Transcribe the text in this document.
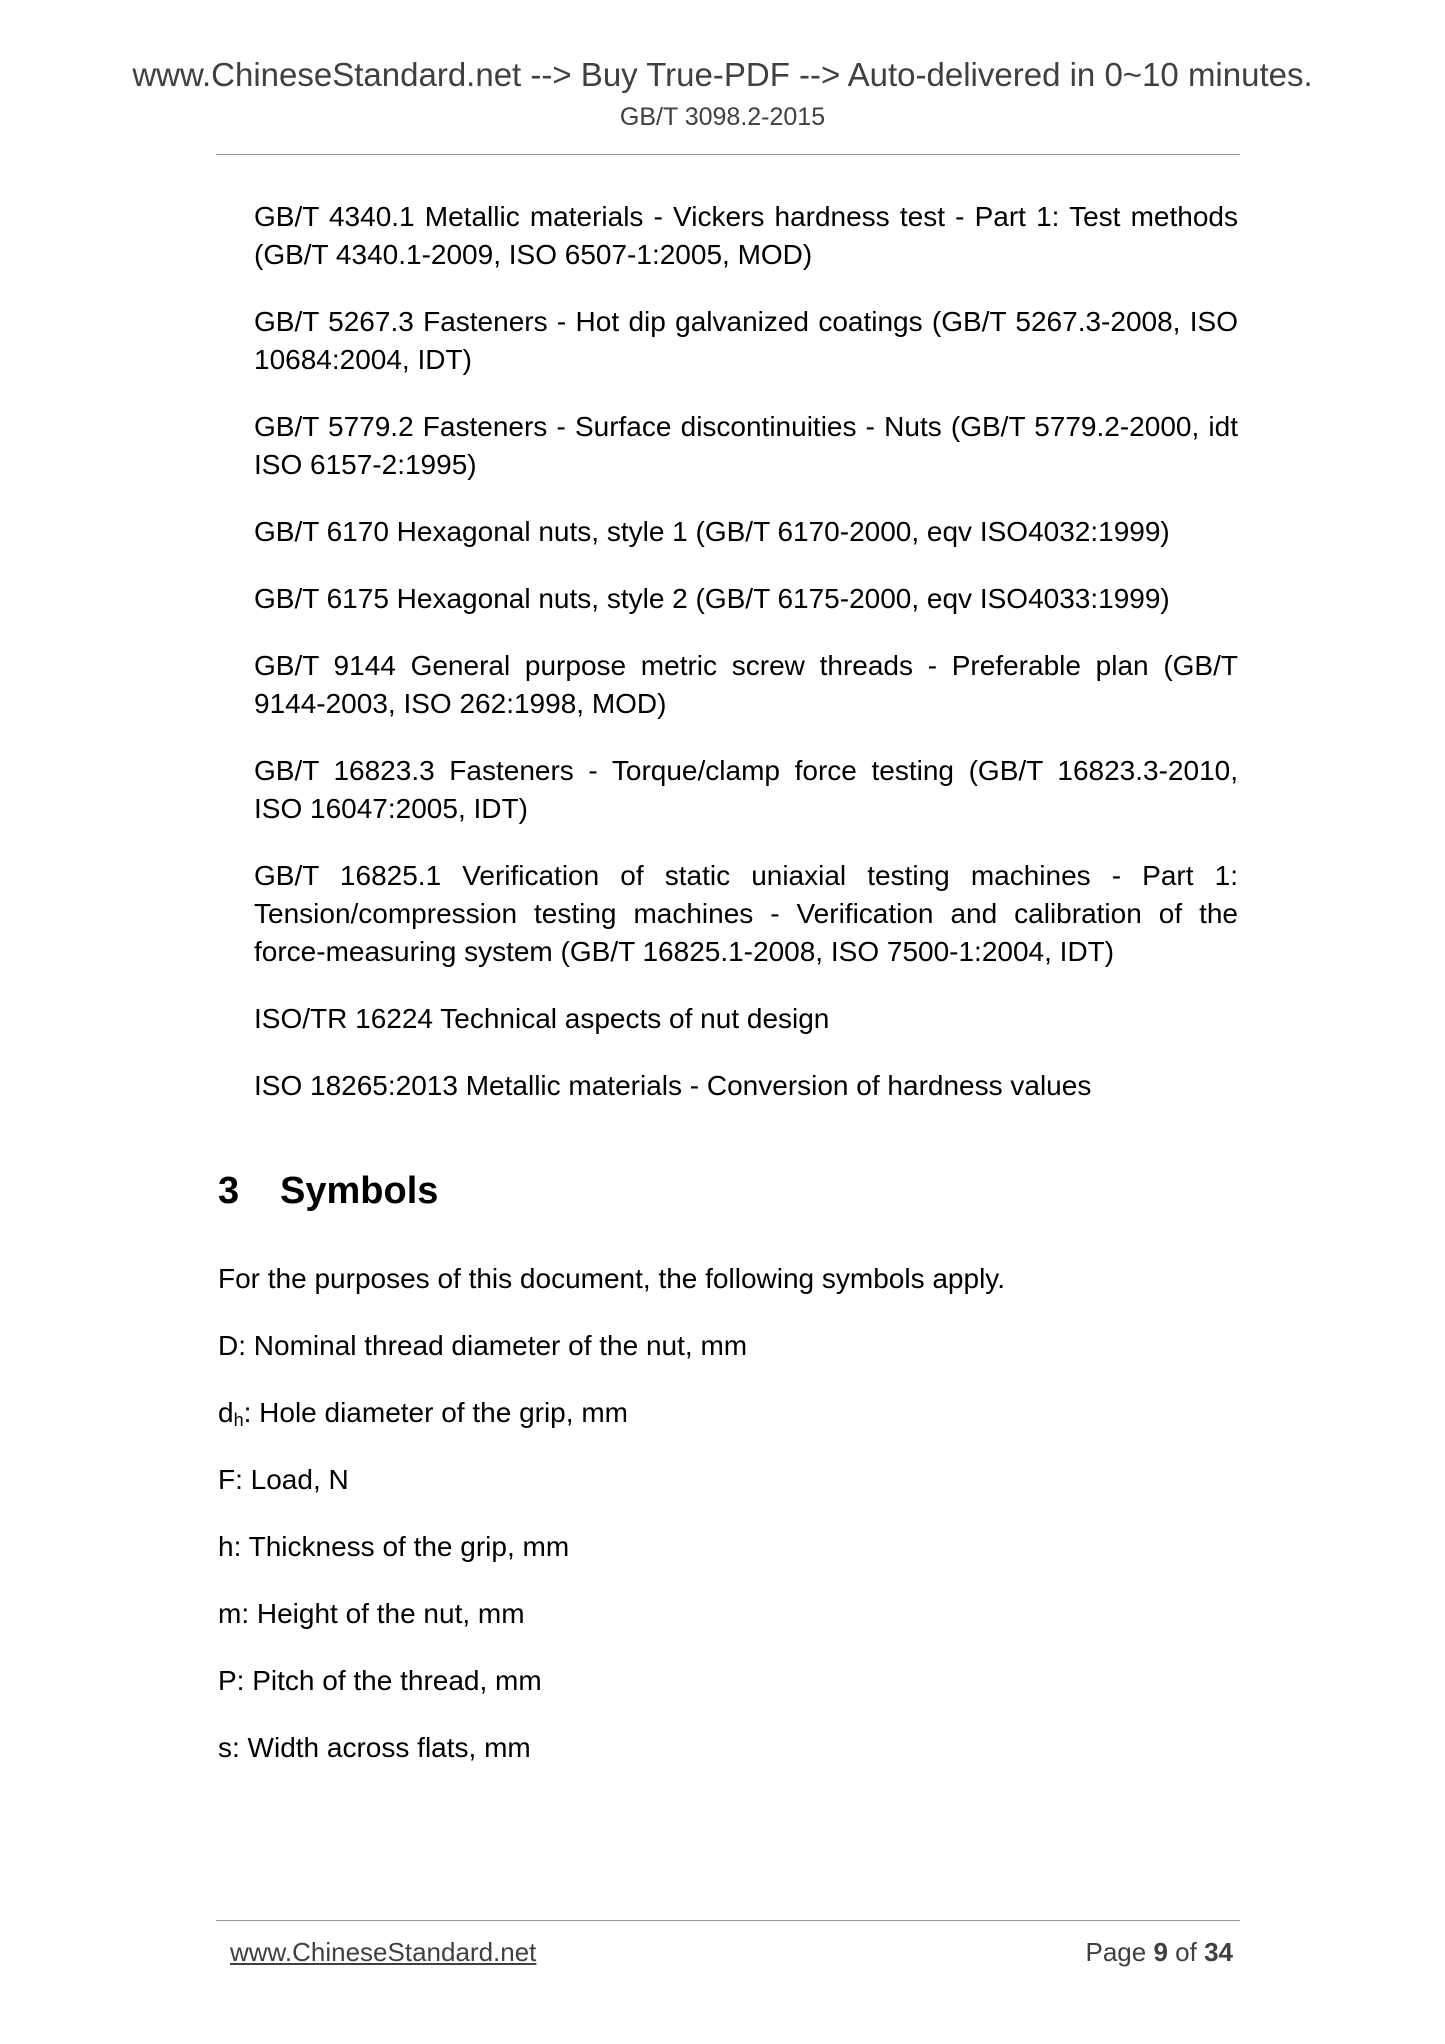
www.ChineseStandard.net --> Buy True-PDF --> Auto-delivered in 0~10 minutes.
GB/T 3098.2-2015
GB/T 4340.1 Metallic materials - Vickers hardness test - Part 1: Test methods (GB/T 4340.1-2009, ISO 6507-1:2005, MOD)
GB/T 5267.3 Fasteners - Hot dip galvanized coatings (GB/T 5267.3-2008, ISO 10684:2004, IDT)
GB/T 5779.2 Fasteners - Surface discontinuities - Nuts (GB/T 5779.2-2000, idt ISO 6157-2:1995)
GB/T 6170 Hexagonal nuts, style 1 (GB/T 6170-2000, eqv ISO4032:1999)
GB/T 6175 Hexagonal nuts, style 2 (GB/T 6175-2000, eqv ISO4033:1999)
GB/T 9144 General purpose metric screw threads - Preferable plan (GB/T 9144-2003, ISO 262:1998, MOD)
GB/T 16823.3 Fasteners - Torque/clamp force testing (GB/T 16823.3-2010, ISO 16047:2005, IDT)
GB/T 16825.1 Verification of static uniaxial testing machines - Part 1: Tension/compression testing machines - Verification and calibration of the force-measuring system (GB/T 16825.1-2008, ISO 7500-1:2004, IDT)
ISO/TR 16224 Technical aspects of nut design
ISO 18265:2013 Metallic materials - Conversion of hardness values
3 Symbols

For the purposes of this document, the following symbols apply.

D: Nominal thread diameter of the nut, mm
$d_h$: Hole diameter of the grip, mm
F: Load, N
h: Thickness of the grip, mm
m: Height of the nut, mm
P: Pitch of the thread, mm
s: Width across flats, mm
www.ChineseStandard.net	Page 9 of 34
